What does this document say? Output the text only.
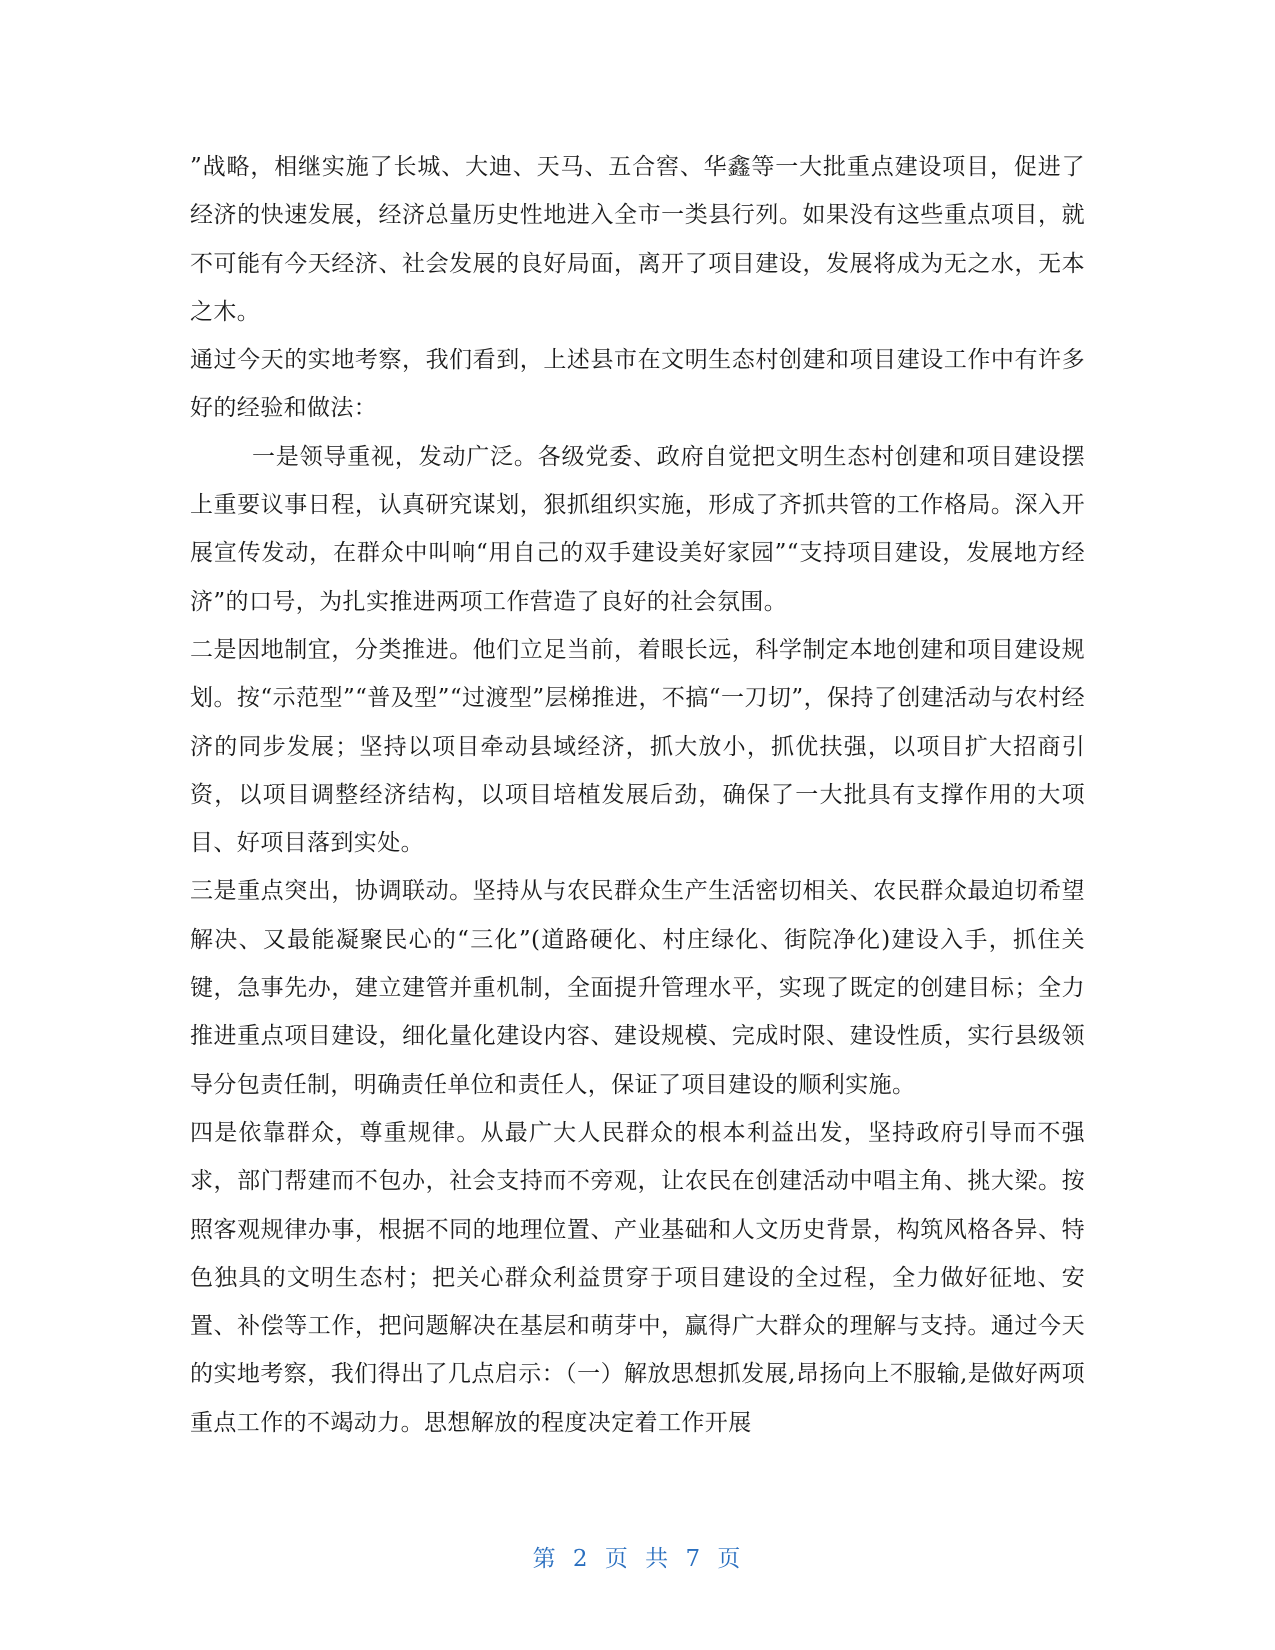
”战略，相继实施了长城、大迪、天马、五合窖、华鑫等一大批重点建设项目，促进了经济的快速发展，经济总量历史性地进入全市一类县行列。如果没有这些重点项目，就不可能有今天经济、社会发展的良好局面，离开了项目建设，发展将成为无之水，无本之木。

通过今天的实地考察，我们看到，上述县市在文明生态村创建和项目建设工作中有许多好的经验和做法：

一是领导重视，发动广泛。各级党委、政府自觉把文明生态村创建和项目建设摆上重要议事日程，认真研究谋划，狠抓组织实施，形成了齐抓共管的工作格局。深入开展宣传发动，在群众中叫响“用自己的双手建设美好家园”“支持项目建设，发展地方经济”的口号，为扎实推进两项工作营造了良好的社会氛围。

二是因地制宜，分类推进。他们立足当前，着眼长远，科学制定本地创建和项目建设规划。按“示范型”“普及型”“过渡型”层梯推进，不搞“一刀切”，保持了创建活动与农村经济的同步发展；坚持以项目牵动县域经济，抓大放小，抓优扶强，以项目扩大招商引资，以项目调整经济结构，以项目培植发展后劲，确保了一大批具有支撑作用的大项目、好项目落到实处。

三是重点突出，协调联动。坚持从与农民群众生产生活密切相关、农民群众最迫切希望解决、又最能凝聚民心的“三化”(道路硬化、村庄绿化、街院净化)建设入手，抓住关键，急事先办，建立建管并重机制，全面提升管理水平，实现了既定的创建目标；全力推进重点项目建设，细化量化建设内容、建设规模、完成时限、建设性质，实行县级领导分包责任制，明确责任单位和责任人，保证了项目建设的顺利实施。

四是依靠群众，尊重规律。从最广大人民群众的根本利益出发，坚持政府引导而不强求，部门帮建而不包办，社会支持而不旁观，让农民在创建活动中唱主角、挑大梁。按照客观规律办事，根据不同的地理位置、产业基础和人文历史背景，构筑风格各异、特色独具的文明生态村；把关心群众利益贯穿于项目建设的全过程，全力做好征地、安置、补偿等工作，把问题解决在基层和萌芽中，赢得广大群众的理解与支持。通过今天的实地考察，我们得出了几点启示：（一）解放思想抓发展,昂扬向上不服输,是做好两项重点工作的不竭动力。思想解放的程度决定着工作开展

第 2 页 共 7 页
